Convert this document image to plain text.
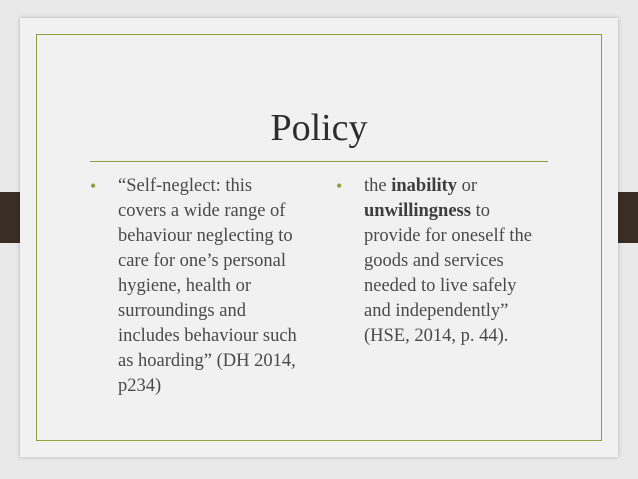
Policy
• “Self-neglect: this
covers a wide range of
behaviour neglecting to
care for one’s personal
hygiene, health or
surroundings and
includes behaviour such
as hoarding” (DH 2014,
p234)
• the inability or
unwillingness to
provide for oneself the
goods and services
needed to live safely
and independently”
(HSE, 2014, p. 44).
